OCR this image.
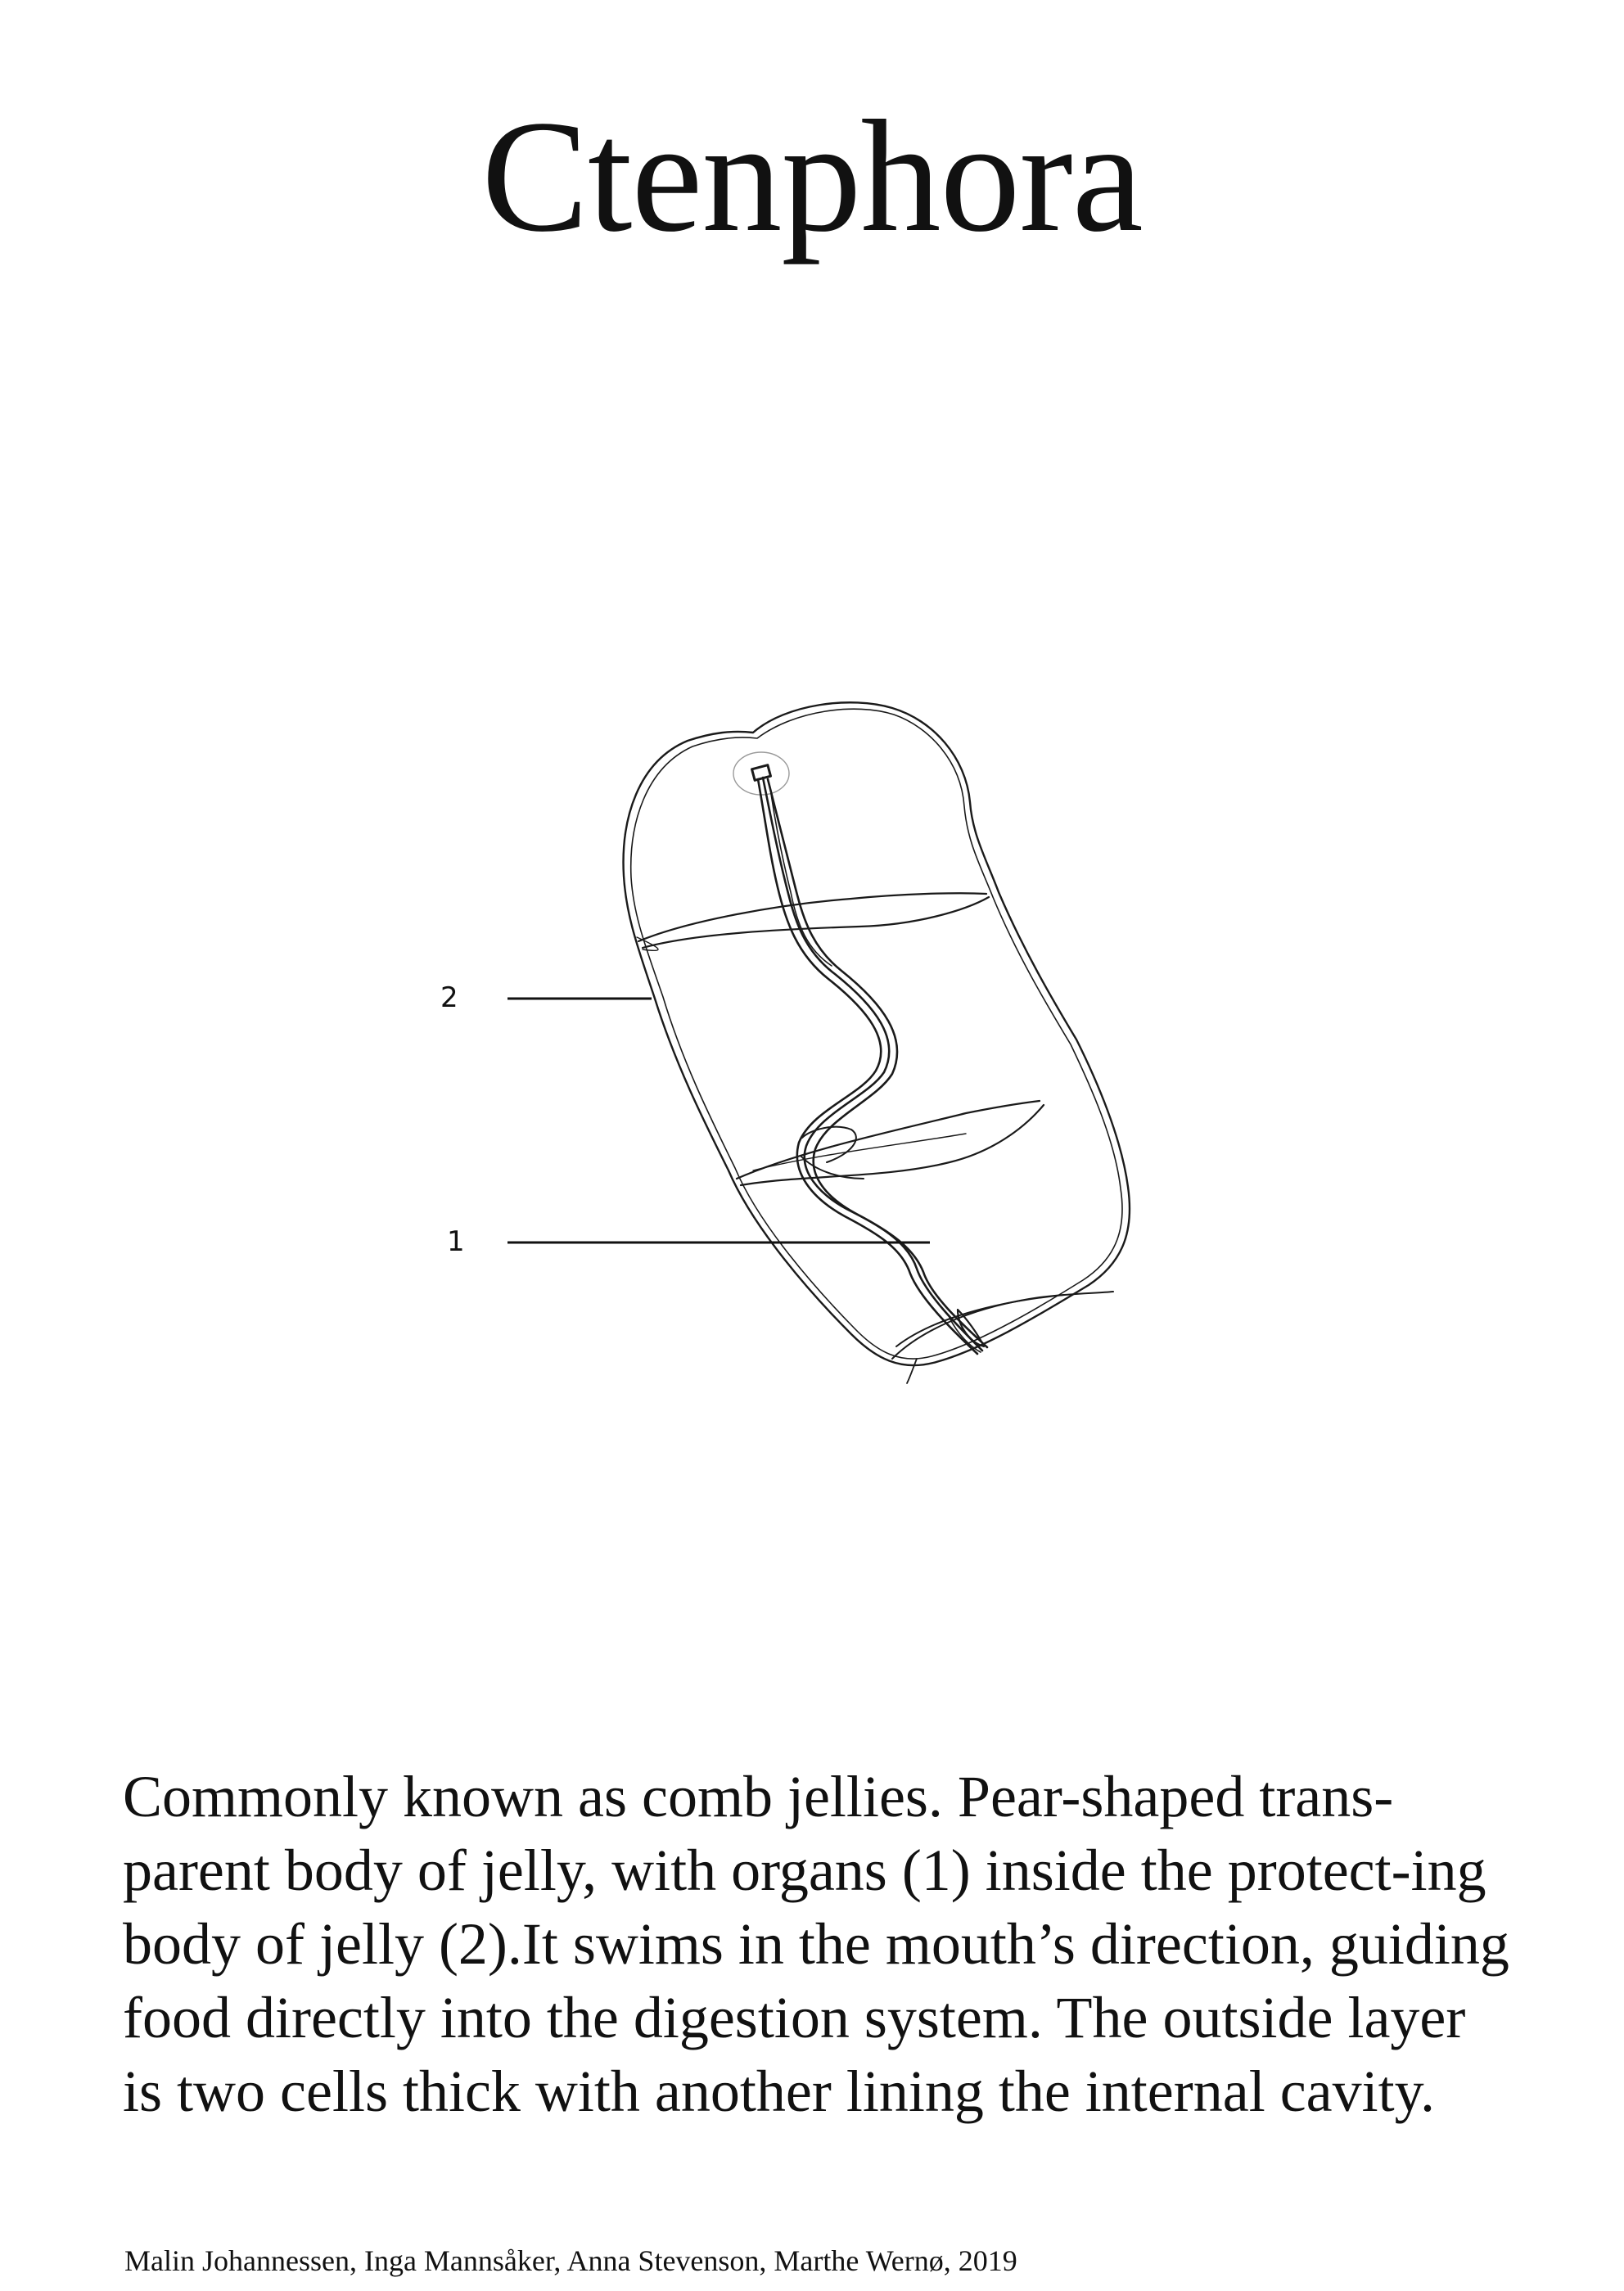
Ctenphora
2
1

Commonly known as comb jellies. Pear-shaped trans-parent body of jelly, with organs (1) inside the protect-ing body of jelly (2).It swims in the mouth’s direction, guiding food directly into the digestion system. The outside layer is two cells thick with another lining the internal cavity.

Malin Johannessen, Inga Mannsåker, Anna Stevenson, Marthe Wernø, 2019
